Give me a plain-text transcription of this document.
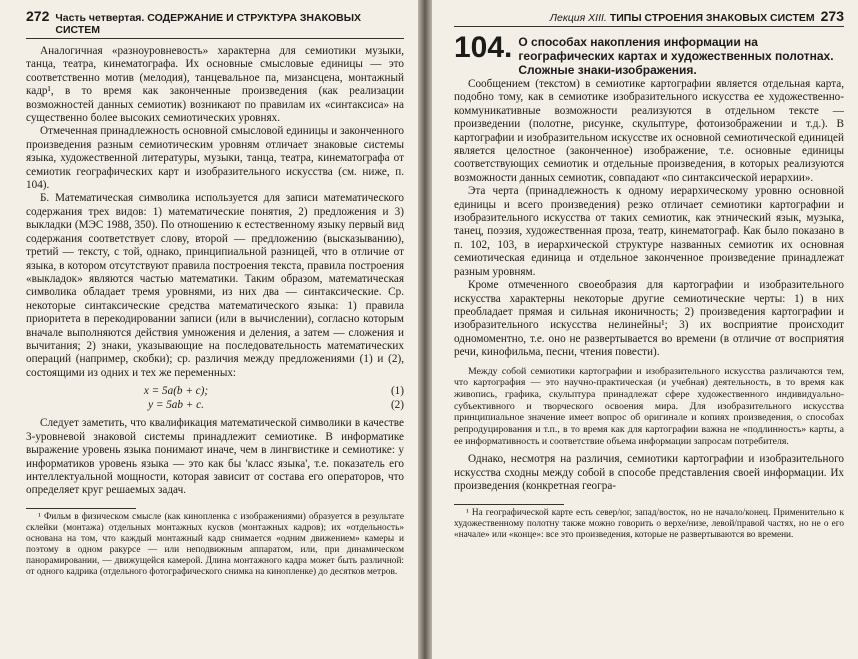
272 Часть четвертая. СОДЕРЖАНИЕ И СТРУКТУРА ЗНАКОВЫХ СИСТЕМ

Аналогичная «разноуровневость» характерна для семиотики музыки, танца, театра, кинематографа. Их основные смысловые единицы — это соответственно мотив (мелодия), танцевальное па, мизансцена, монтажный кадр¹, в то время как законченные произведения (как реализации возможностей данных семиотик) возникают по правилам их «синтаксиса» на существенно более высоких семиотических уровнях.

Отмеченная принадлежность основной смысловой единицы и законченного произведения разным семиотическим уровням отличает знаковые системы языка, художественной литературы, музыки, танца, театра, кинематографа от семиотик географических карт и изобразительного искусства (см. ниже, п. 104).

Б. Математическая символика используется для записи математического содержания трех видов: 1) математические понятия, 2) предложения и 3) выкладки (МЭС 1988, 350). По отношению к естественному языку первый вид содержания соответствует слову, второй — предложению (высказыванию), третий — тексту, с той, однако, принципиальной разницей, что в отличие от языка, в котором отсутствуют правила построения текста, правила построения «выкладок» являются частью математики. Таким образом, математическая символика обладает тремя уровнями, из них два — синтаксические. Ср. некоторые синтаксические средства математического языка: 1) правила приоритета в перекодировании записи (или в вычислении), согласно которым вначале выполняются действия умножения и деления, а затем — сложения и вычитания; 2) знаки, указывающие на последовательность математических операций (например, скобки); ср. различия между предложениями (1) и (2), состоящими из одних и тех же переменных:

x = 5a(b + c);	(1)
y = 5ab + c.	(2)

Следует заметить, что квалификация математической символики в качестве 3-уровневой знаковой системы принадлежит семиотике. В информатике выражение уровень языка понимают иначе, чем в лингвистике и семиотике: у информатиков уровень языка — это как бы 'класс языка', т.е. показатель его интеллектуальной мощности, которая зависит от состава его операторов, что определяет круг решаемых задач.

¹ Фильм в физическом смысле (как кинопленка с изображениями) образуется в результате склейки (монтажа) отдельных монтажных кусков (монтажных кадров); их «отдельность» основана на том, что каждый монтажный кадр снимается «одним движением» камеры и поэтому в одном ракурсе — или неподвижным аппаратом, или, при динамическом панорамировании, — движущейся камерой. Длина монтажного кадра может быть различной: от одного кадрика (отдельного фотографического снимка на кинопленке) до десятков метров.

Лекция XIII. ТИПЫ СТРОЕНИЯ ЗНАКОВЫХ СИСТЕМ 273
104. О способах накопления информации на географических картах и художественных полотнах. Сложные знаки-изображения.

Сообщением (текстом) в семиотике картографии является отдельная карта, подобно тому, как в семиотике изобразительного искусства ее художественно-коммуникативные возможности реализуются в отдельном тексте — произведении (полотне, рисунке, скульптуре, фотоизображении и т.д.). В картографии и изобразительном искусстве их основной семиотической единицей является целостное (законченное) изображение, т.е. основные единицы соответствующих семиотик и отдельные произведения, в которых реализуются возможности данных семиотик, совпадают «по синтаксической иерархии».

Эта черта (принадлежность к одному иерархическому уровню основной единицы и всего произведения) резко отличает семиотики картографии и изобразительного искусства от таких семиотик, как этнический язык, музыка, танец, поэзия, художественная проза, театр, кинематограф. Как было показано в п. 102, 103, в иерархической структуре названных семиотик их основная семиотическая единица и отдельное законченное произведение принадлежат разным уровням.

Кроме отмеченного своеобразия для картографии и изобразительного искусства характерны некоторые другие семиотические черты: 1) в них преобладает прямая и сильная иконичность; 2) произведения картографии и изобразительного искусства нелинейны¹; 3) их восприятие происходит одномоментно, т.е. оно не развертывается во времени (в отличие от восприятия речи, кинофильма, песни, чтения повести).

Между собой семиотики картографии и изобразительного искусства различаются тем, что картография — это научно-практическая (и учебная) деятельность, в то время как живопись, графика, скульптура принадлежат сфере художественного индивидуально-субъективного и творческого освоения мира. Для изобразительного искусства принципиальное значение имеет вопрос об оригинале и копиях произведения, о способах репродуцирования и т.п., в то время как для картографии важна не «подлинность» карты, а ее информативность и соответствие объема информации запросам потребителя.

Однако, несмотря на различия, семиотики картографии и изобразительного искусства сходны между собой в способе представления своей информации. Их произведения (конкретная геогра-

¹ На географической карте есть север/юг, запад/восток, но не начало/конец. Применительно к художественному полотну также можно говорить о верхе/низе, левой/правой частях, но не о его «начале» или «конце»: все это произведения, которые не развертываются во времени.
